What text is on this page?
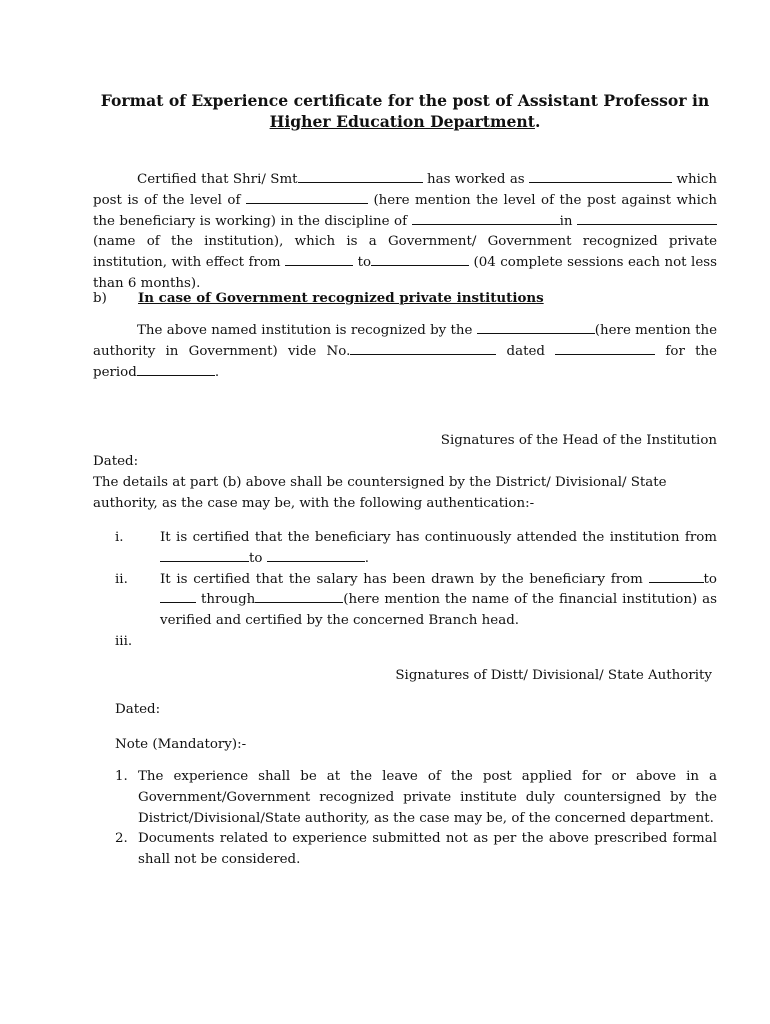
Format of Experience certificate for the post of Assistant Professor in
Higher Education Department.
Certified that Shri/ Smt	has worked as	which post is of the level of	(here mention the level of the post against which the beneficiary is working) in the discipline of	in  (name of the institution), which is a Government/ Government recognized private institution, with effect from	to	(04 complete sessions each not less than 6 months).
b) In case of Government recognized private institutions
The above named institution is recognized by the	(here mention the authority in Government) vide No.	dated	for the period	.
Signatures of the Head of the Institution
Dated:
The details at part (b) above shall be countersigned by the District/ Divisional/ State authority, as the case may be, with the following authentication:-
i.	It is certified that the beneficiary has continuously attended the institution from to	.
ii. It is certified that the salary has been drawn by the beneficiary from	to  through	(here mention the name of the financial institution) as verified and certified by the concerned Branch head.
iii.

Signatures of Distt/ Divisional/ State Authority
Dated:
Note (Mandatory):-
1. The experience shall be at the leave of the post applied for or above in a Government/Government recognized private institute duly countersigned by the District/Divisional/State authority, as the case may be, of the concerned department.
2. Documents related to experience submitted not as per the above prescribed formal shall not be considered.
